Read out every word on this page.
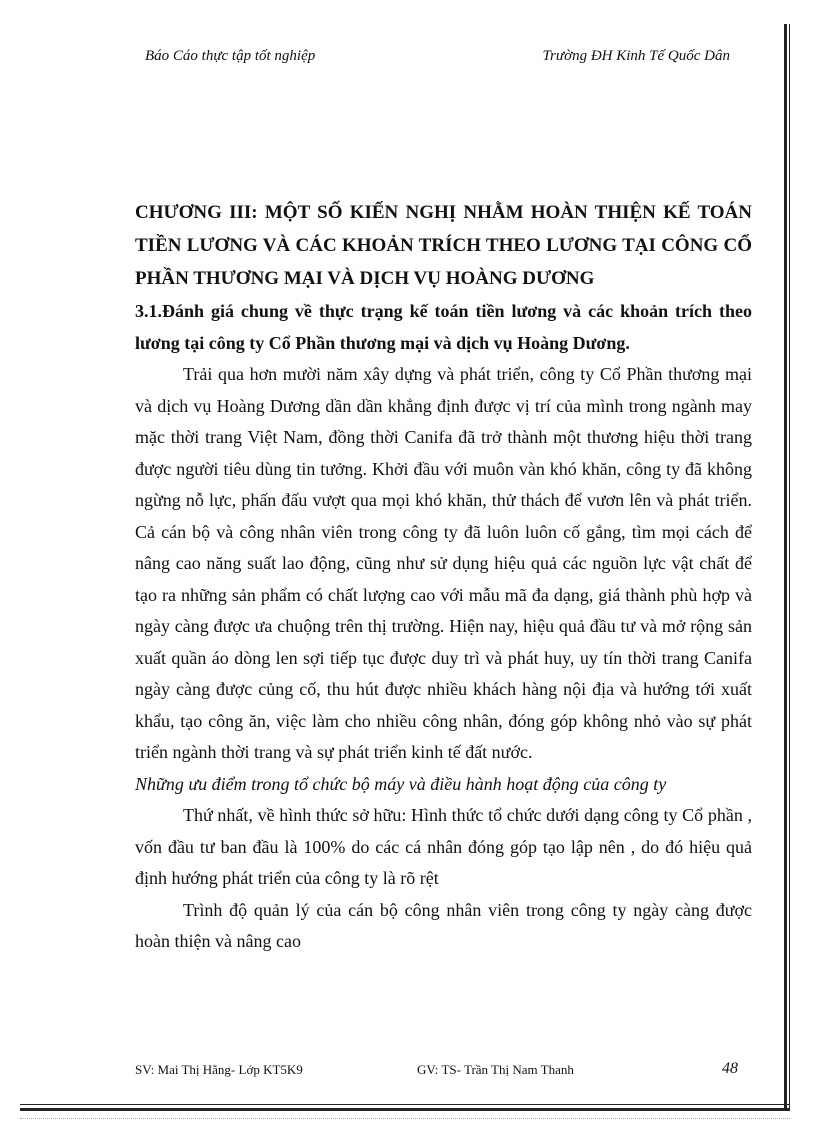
Báo Cáo thực tập tốt nghiệp	Trường ĐH Kinh Tế Quốc Dân

CHƯƠNG III: MỘT SỐ KIẾN NGHỊ NHẰM HOÀN THIỆN KẾ TOÁN TIỀN LƯƠNG VÀ CÁC KHOẢN TRÍCH THEO LƯƠNG TẠI CÔNG CỔ PHẦN THƯƠNG MẠI VÀ DỊCH VỤ HOÀNG DƯƠNG

3.1.Đánh giá chung về thực trạng kế toán tiền lương và các khoản trích theo lương tại công ty Cổ Phần thương mại và dịch vụ Hoàng Dương.

Trải qua hơn mười năm xây dựng và phát triển, công ty Cổ Phần thương mại và dịch vụ Hoàng Dương dần dần khẳng định được vị trí của mình trong ngành may mặc thời trang Việt Nam, đồng thời Canifa đã trở thành một thương hiệu thời trang được người tiêu dùng tin tưởng. Khởi đầu với muôn vàn khó khăn, công ty đã không ngừng nỗ lực, phấn đấu vượt qua mọi khó khăn, thử thách để vươn lên và phát triển. Cả cán bộ và công nhân viên trong công ty đã luôn luôn cố gắng, tìm mọi cách để nâng cao năng suất lao động, cũng như sử dụng hiệu quả các nguồn lực vật chất để tạo ra những sản phẩm có chất lượng cao với mẫu mã đa dạng, giá thành phù hợp và ngày càng được ưa chuộng trên thị trường. Hiện nay, hiệu quả đầu tư và mở rộng sản xuất quần áo dòng len sợi tiếp tục được duy trì và phát huy, uy tín thời trang Canifa ngày càng được củng cố, thu hút được nhiều khách hàng nội địa và hướng tới xuất khẩu, tạo công ăn, việc làm cho nhiều công nhân, đóng góp không nhỏ vào sự phát triển ngành thời trang và sự phát triển kinh tế đất nước.

Những ưu điểm trong tổ chức bộ máy và điều hành hoạt động của công ty

Thứ nhất, về hình thức sở hữu: Hình thức tổ chức dưới dạng công ty Cổ phần , vốn đầu tư ban đầu là 100% do các cá nhân đóng góp tạo lập nên , do đó hiệu quả định hướng phát triển của công ty là rõ rệt

Trình độ quản lý của cán bộ công nhân viên trong công ty ngày càng được hoàn thiện và nâng cao

SV: Mai Thị Hằng- Lớp KT5K9	GV: TS- Trần Thị Nam Thanh	48
